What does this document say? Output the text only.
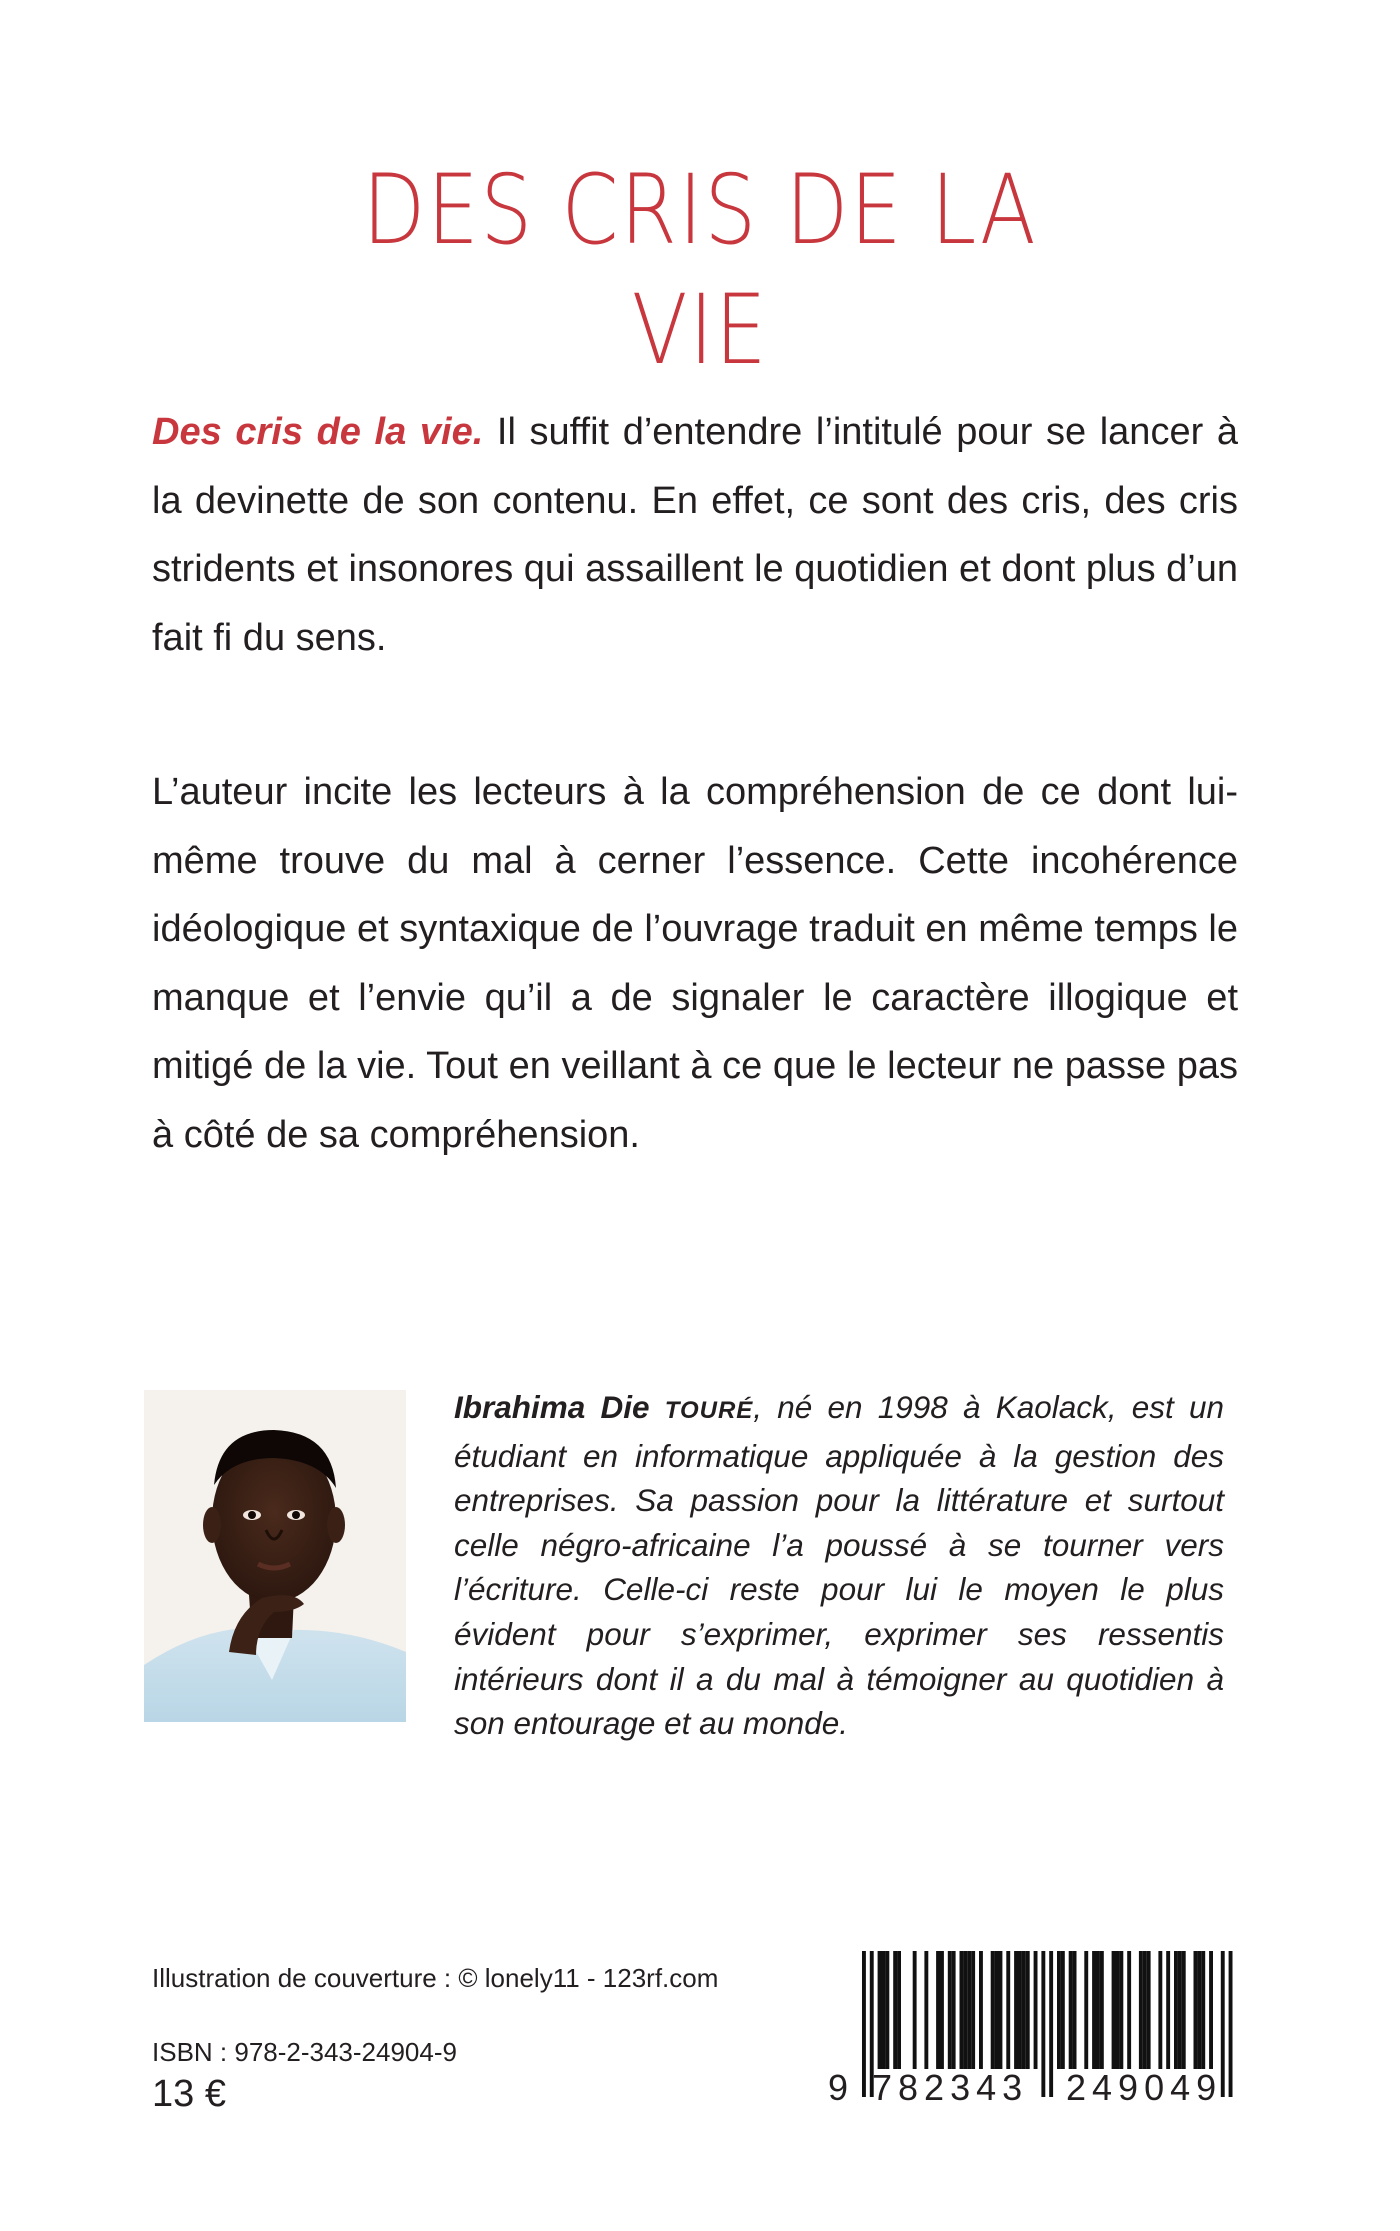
DES CRIS DE LA VIE
Des cris de la vie. Il suffit d’entendre l’intitulé pour se lancer à la devinette de son contenu. En effet, ce sont des cris, des cris stridents et insonores qui assaillent le quotidien et dont plus d’un fait fi du sens.
L’auteur incite les lecteurs à la compréhension de ce dont lui-même trouve du mal à cerner l’essence. Cette incohérence idéologique et syntaxique de l’ouvrage traduit en même temps le manque et l’envie qu’il a de signaler le caractère illogique et mitigé de la vie. Tout en veillant à ce que le lecteur ne passe pas à côté de sa compréhension.
Ibrahima Die TOURÉ, né en 1998 à Kaolack, est un étudiant en informatique appliquée à la gestion des entreprises. Sa passion pour la littérature et surtout celle négro-africaine l’a poussé à se tourner vers l’écriture. Celle-ci reste pour lui le moyen le plus évident pour s’exprimer, exprimer ses ressentis intérieurs dont il a du mal à témoigner au quotidien à son entourage et au monde.
Illustration de couverture : © lonely11 - 123rf.com
ISBN : 978-2-343-24904-9
13 €	9 782343 249049
